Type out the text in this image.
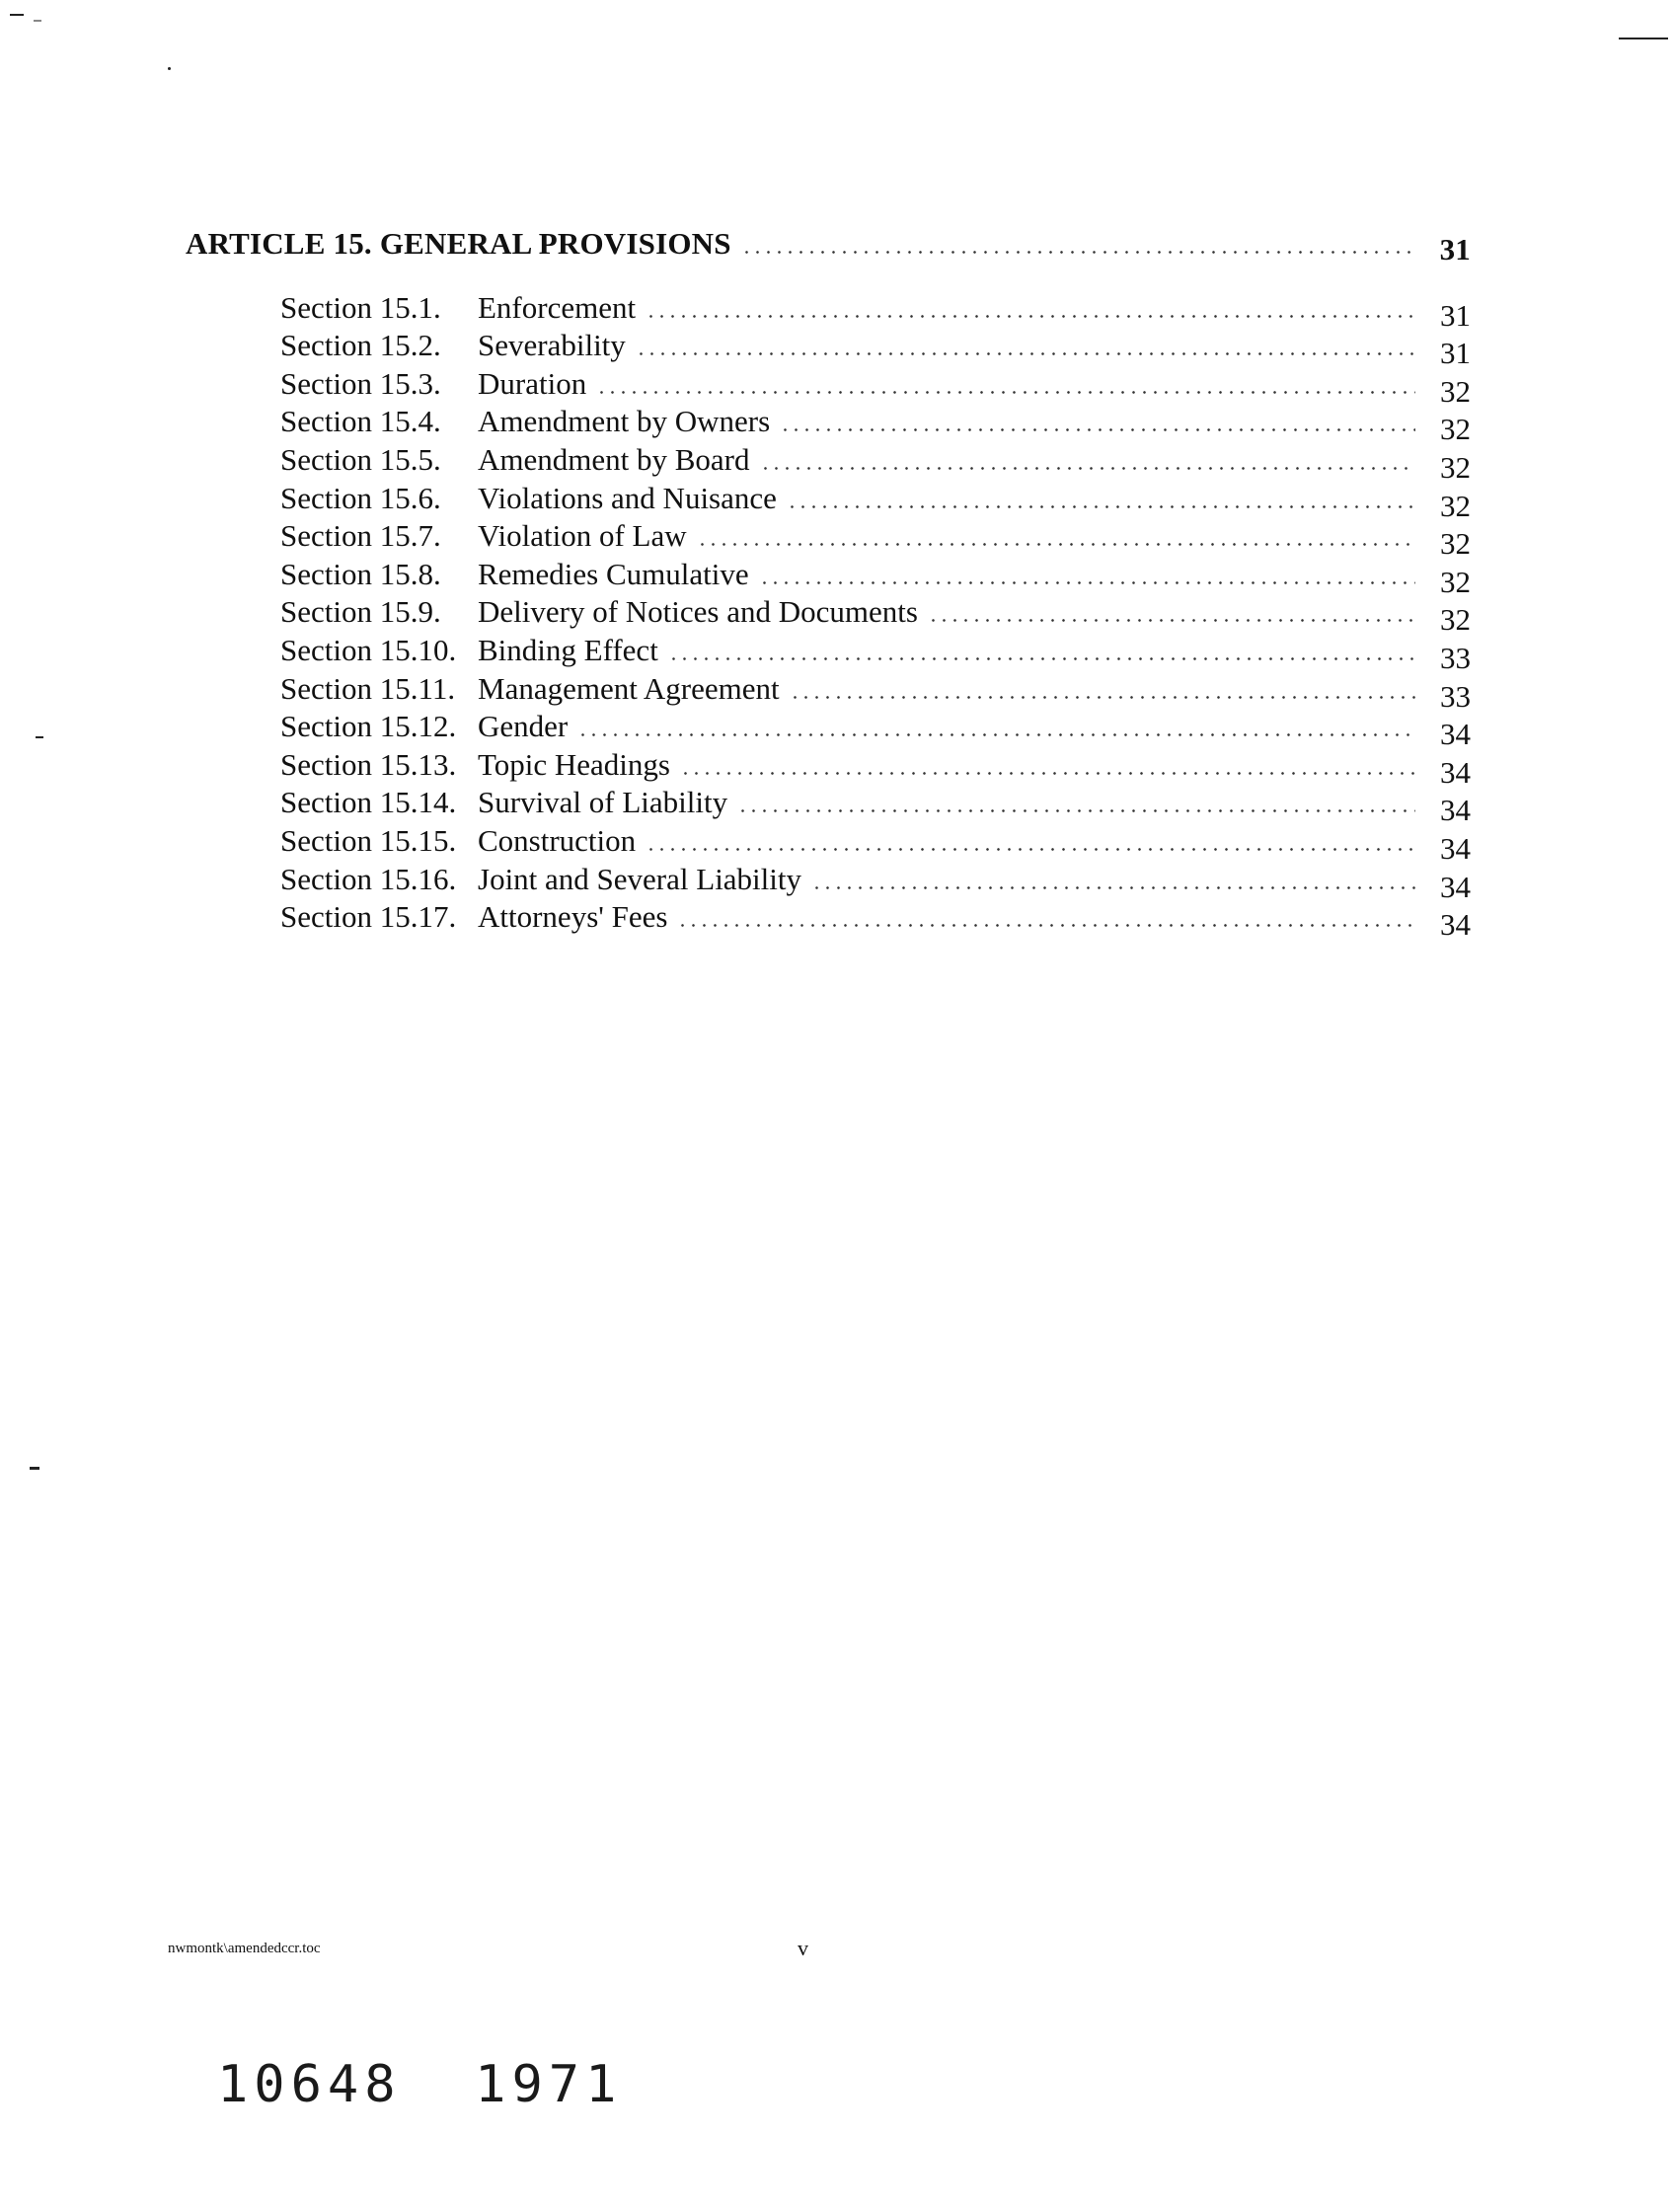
ARTICLE 15. GENERAL PROVISIONS	31
Section 15.1.	Enforcement	31
Section 15.2.	Severability	31
Section 15.3.	Duration	32
Section 15.4.	Amendment by Owners	32
Section 15.5.	Amendment by Board	32
Section 15.6.	Violations and Nuisance	32
Section 15.7.	Violation of Law	32
Section 15.8.	Remedies Cumulative	32
Section 15.9.	Delivery of Notices and Documents	32
Section 15.10. Binding Effect	33
Section 15.11. Management Agreement	33
Section 15.12. Gender	34
Section 15.13. Topic Headings	34
Section 15.14. Survival of Liability	34
Section 15.15. Construction	34
Section 15.16. Joint and Several Liability	34
Section 15.17. Attorneys' Fees	34
nwmontk\amendedccr.toc	v
10648  1971
